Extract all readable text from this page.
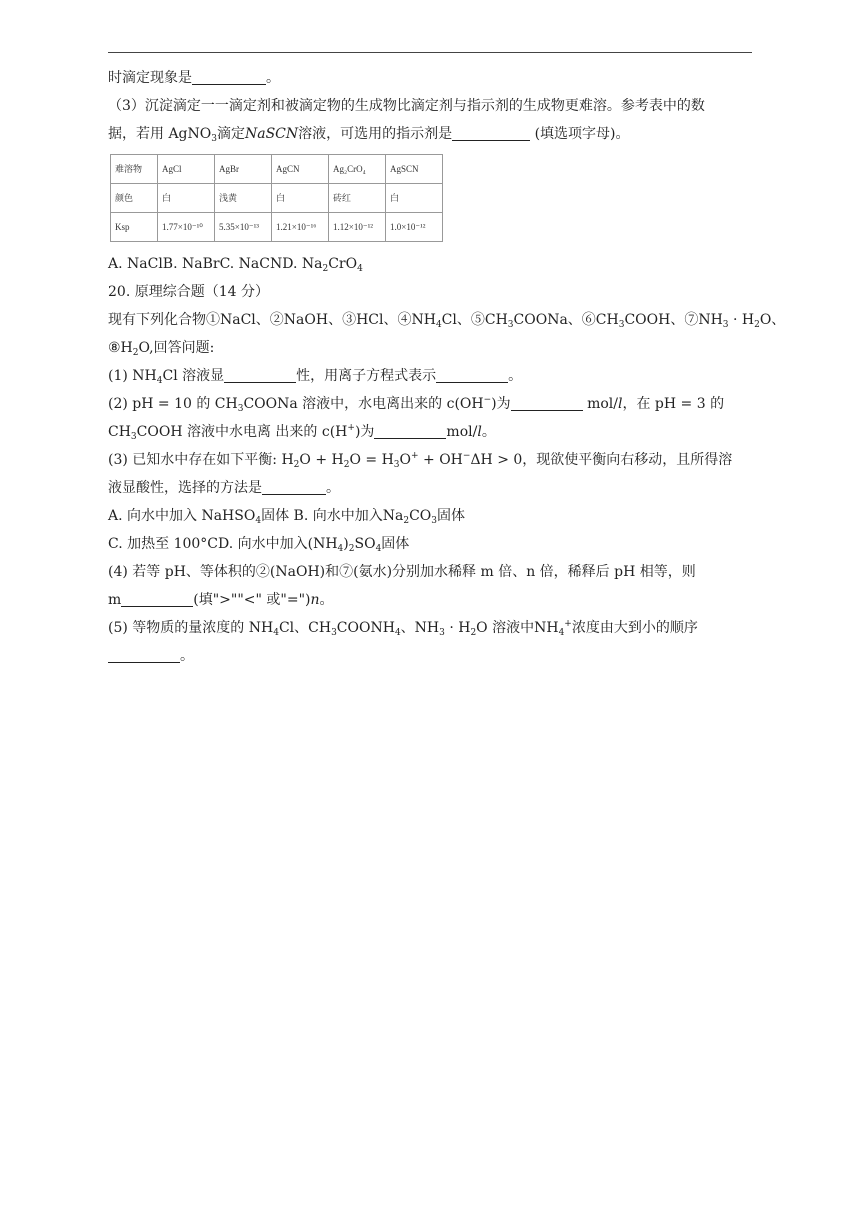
时滴定现象是	。

（3）沉淀滴定一一滴定剂和被滴定物的生成物比滴定剂与指示剂的生成物更难溶。参考表中的数

据，若用 AgNO$_3$滴定NaSCN溶液，可选用的指示剂是	(填选项字母)。

难溶物	AgCl	AgBr	AgCN	Ag₂CrO₄	AgSCN
颜色	白	浅黄	白	砖红	白
Ksp	1.77×10⁻¹⁰	5.35×10⁻¹³	1.21×10⁻¹⁶	1.12×10⁻¹²	1.0×10⁻¹²

A. NaClB. NaBrC. NaCND. $Na_2CrO_4$

20. 原理综合题（14 分）

现有下列化合物①NaCl、②NaOH、③HCl、$④NH_4Cl$、$⑤CH_3COONa$、$⑥CH_3COOH$、$⑦NH_3 \cdot H_2O$、

$⑧H_2O$,回答问题:

(1) $NH_4Cl$ 溶液显	性，用离子方程式表示	。

(2) pH = 10 的 $CH_3COONa$ 溶液中，水电离出来的 c(OH−)为	mol/l，在 pH = 3 的

$CH_3COOH$ 溶液中水电离 出来的 c(H+)为	mol/l。

(3) 已知水中存在如下平衡: $H_2O + H_2O = H_3O^+ + OH^-\Delta H > 0$，现欲使平衡向右移动，且所得溶

液显酸性，选择的方法是	。

A. 向水中加入 NaHSO$_4$固体 B. 向水中加入$Na_2CO_3$固体

C. 加热至 100°CD. 向水中加入$(NH_4)_2SO_4$固体

(4) 若等 pH、等体积的②(NaOH)和⑦(氨水)分别加水稀释 m 倍、n 倍，稀释后 pH 相等，则

m	(填">""<" 或"=")n。

(5) 等物质的量浓度的 $NH_4Cl$、$CH_3COONH_4$、$NH_3 \cdot H_2O$ 溶液中$NH_4^+$浓度由大到小的顺序

。
